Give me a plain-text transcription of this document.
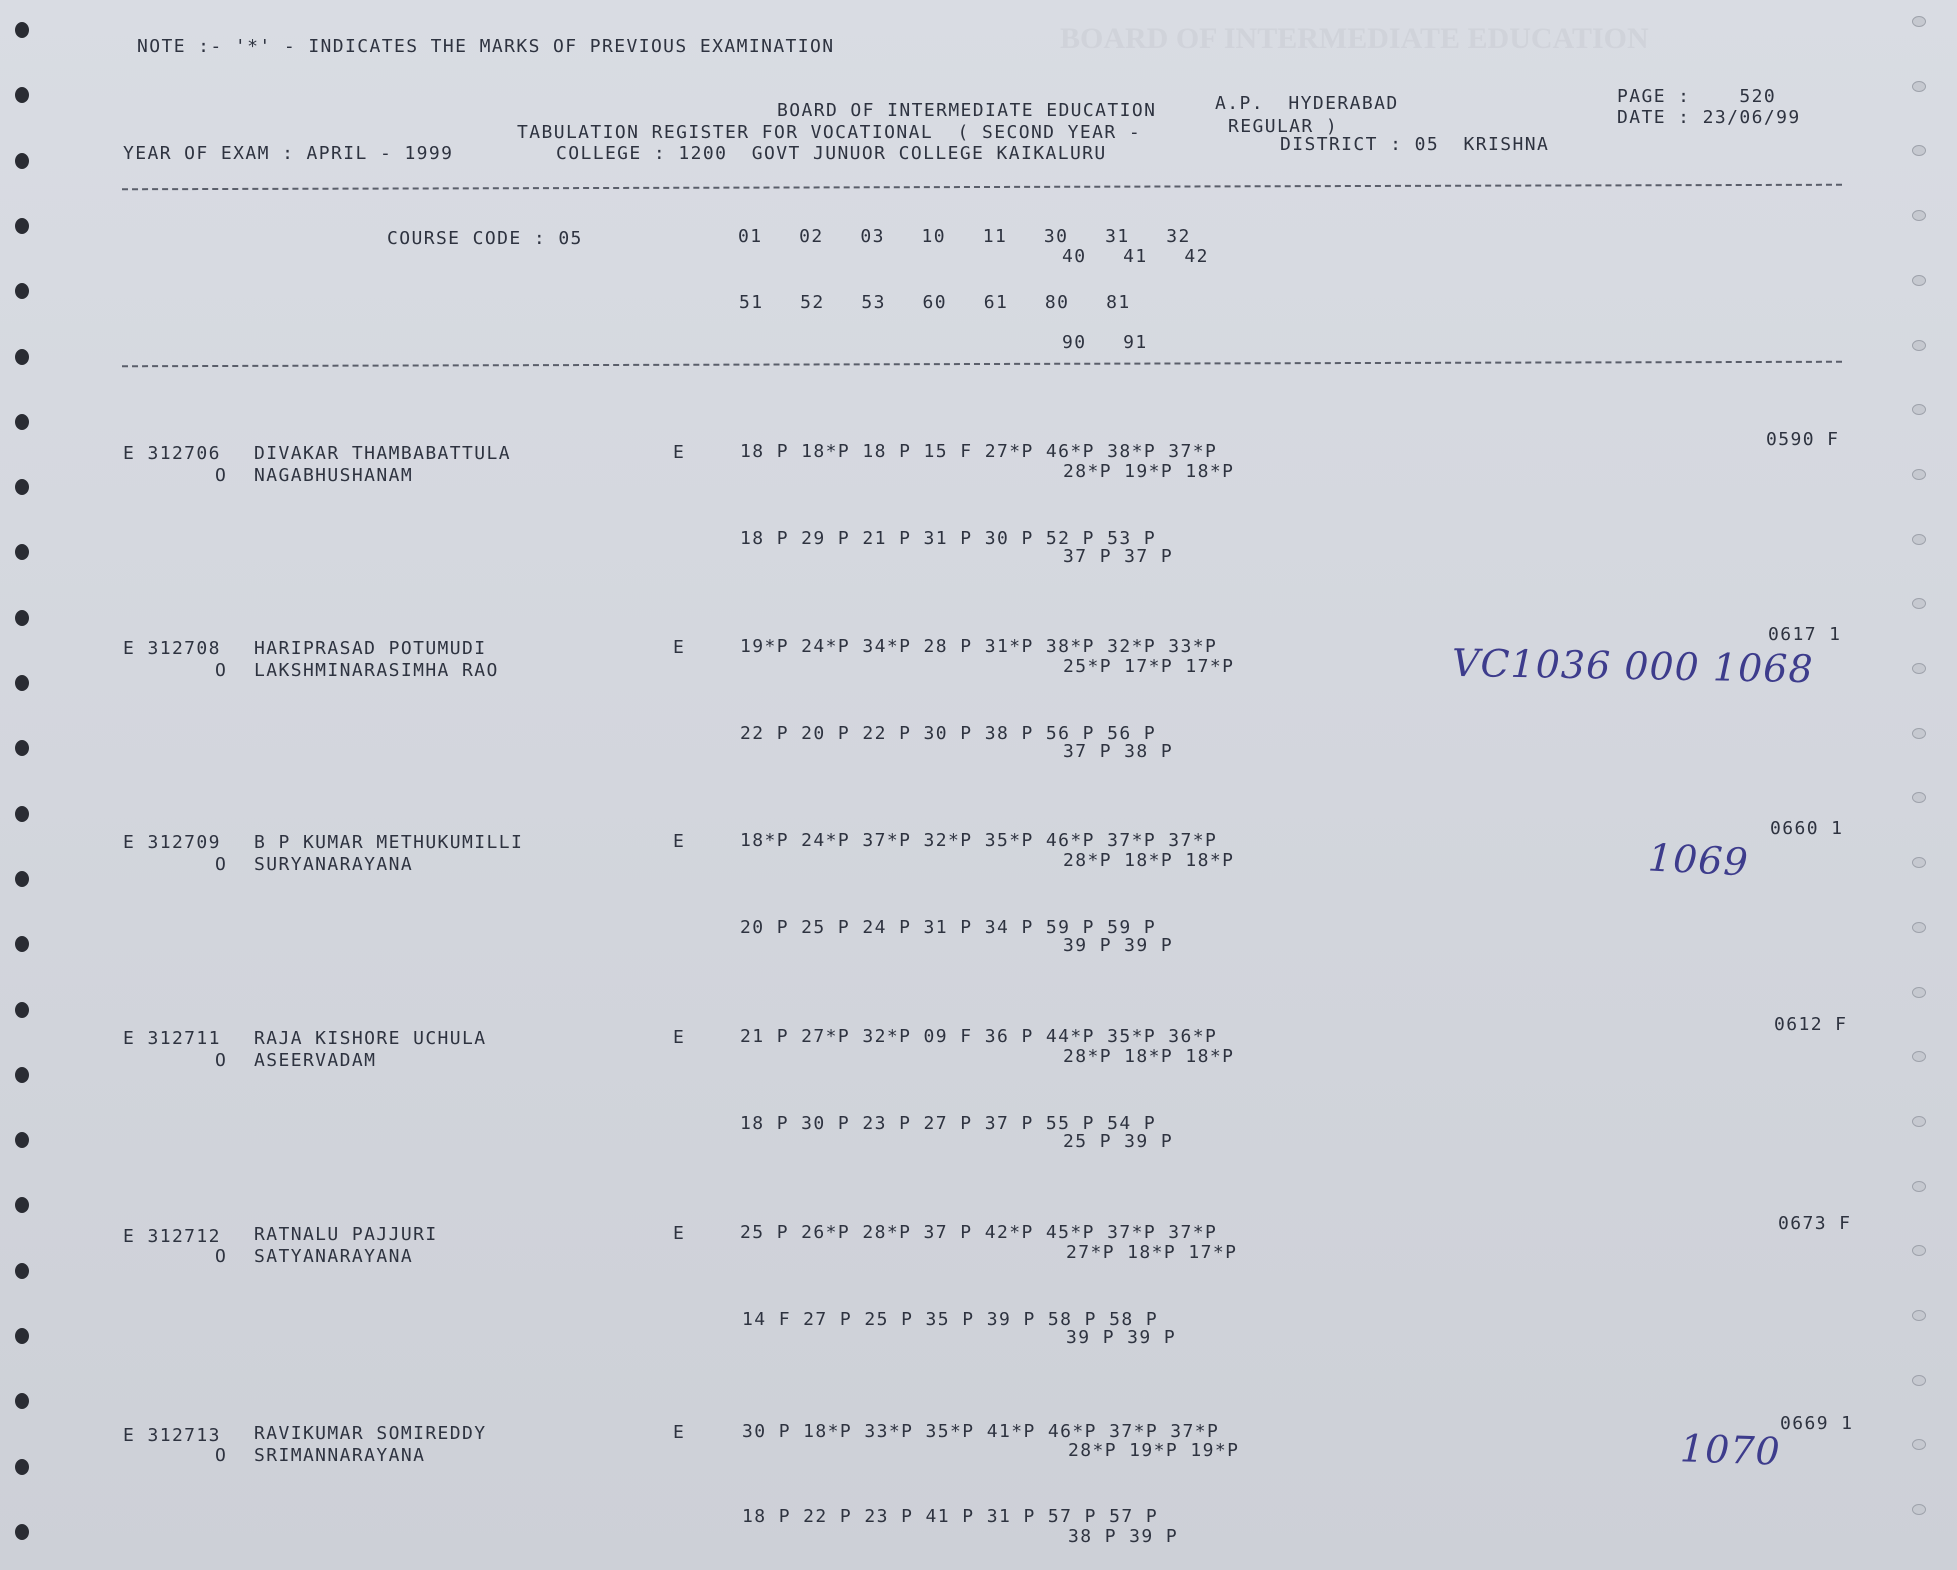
BOARD OF INTERMEDIATE EDUCATION
NOTE :- '*' - INDICATES THE MARKS OF PREVIOUS EXAMINATION
BOARD OF INTERMEDIATE EDUCATION	A.P.  HYDERABAD
TABULATION REGISTER FOR VOCATIONAL  ( SECOND YEAR -	REGULAR )
YEAR OF EXAM : APRIL - 1999	COLLEGE : 1200  GOVT JUNUOR COLLEGE KAIKALURU	DISTRICT : 05  KRISHNA
PAGE :    520
DATE : 23/06/99
COURSE CODE : 05	01   02   03   10   11   30   31   32
40   41   42
51   52   53   60   61   80   81
90   91
E 312706 DIVAKAR THAMBABATTULA
O NAGABHUSHANAM
E	18 P 18*P 18 P 15 F 27*P 46*P 38*P 37*P
28*P 19*P 18*P
18 P 29 P 21 P 31 P 30 P 52 P 53 P
37 P 37 P
0590 F
E 312708 HARIPRASAD POTUMUDI
O LAKSHMINARASIMHA RAO
E	19*P 24*P 34*P 28 P 31*P 38*P 32*P 33*P
25*P 17*P 17*P
22 P 20 P 22 P 30 P 38 P 56 P 56 P
37 P 38 P
0617 1
E 312709 B P KUMAR METHUKUMILLI
O SURYANARAYANA
E	18*P 24*P 37*P 32*P 35*P 46*P 37*P 37*P
28*P 18*P 18*P
20 P 25 P 24 P 31 P 34 P 59 P 59 P
39 P 39 P
0660 1
E 312711 RAJA KISHORE UCHULA
O ASEERVADAM
E	21 P 27*P 32*P 09 F 36 P 44*P 35*P 36*P
28*P 18*P 18*P
18 P 30 P 23 P 27 P 37 P 55 P 54 P
25 P 39 P
0612 F
E 312712 RATNALU PAJJURI
O SATYANARAYANA
E	25 P 26*P 28*P 37 P 42*P 45*P 37*P 37*P
27*P 18*P 17*P
14 F 27 P 25 P 35 P 39 P 58 P 58 P
39 P 39 P
0673 F
E 312713 RAVIKUMAR SOMIREDDY
O SRIMANNARAYANA
E	30 P 18*P 33*P 35*P 41*P 46*P 37*P 37*P
28*P 19*P 19*P
18 P 22 P 23 P 41 P 31 P 57 P 57 P
38 P 39 P
0669 1
VC1036 000 1068
1069
1070
